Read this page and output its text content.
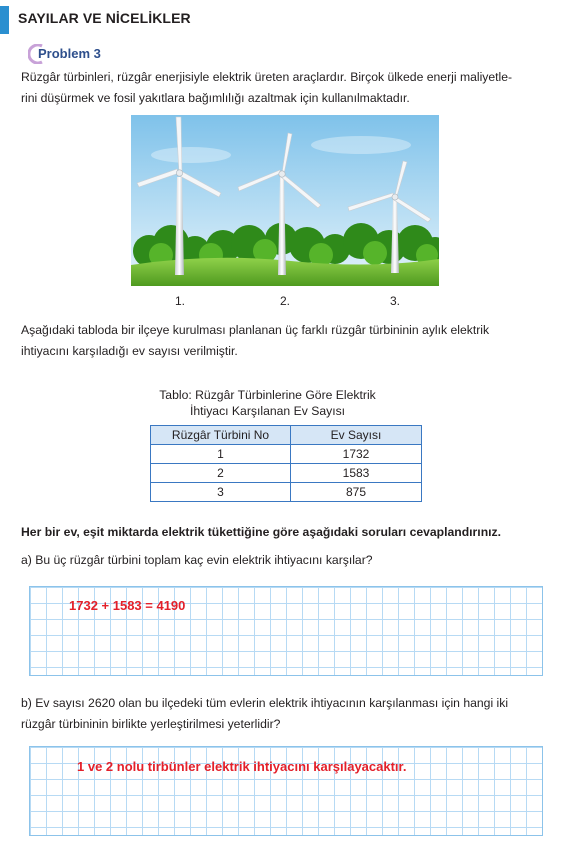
SAYILAR VE NİCELİKLER
Problem 3
Rüzgâr türbinleri, rüzgâr enerjisiyle elektrik üreten araçlardır. Birçok ülkede enerji maliyetle-
rini düşürmek ve fosil yakıtlara bağımlılığı azaltmak için kullanılmaktadır.
1.	2.	3.
Aşağıdaki tabloda bir ilçeye kurulması planlanan üç farklı rüzgâr türbininin aylık elektrik
ihtiyacını karşıladığı ev sayısı verilmiştir.
Tablo: Rüzgâr Türbinlerine Göre Elektrik
İhtiyacı Karşılanan Ev Sayısı
Rüzgâr Türbini No	Ev Sayısı
1	1732
2	1583
3	875
Her bir ev, eşit miktarda elektrik tükettiğine göre aşağıdaki soruları cevaplandırınız.
a) Bu üç rüzgâr türbini toplam kaç evin elektrik ihtiyacını karşılar?
1732 + 1583 = 4190
b) Ev sayısı 2620 olan bu ilçedeki tüm evlerin elektrik ihtiyacının karşılanması için hangi iki
rüzgâr türbininin birlikte yerleştirilmesi yeterlidir?
1 ve 2 nolu tirbünler elektrik ihtiyacını karşılayacaktır.
